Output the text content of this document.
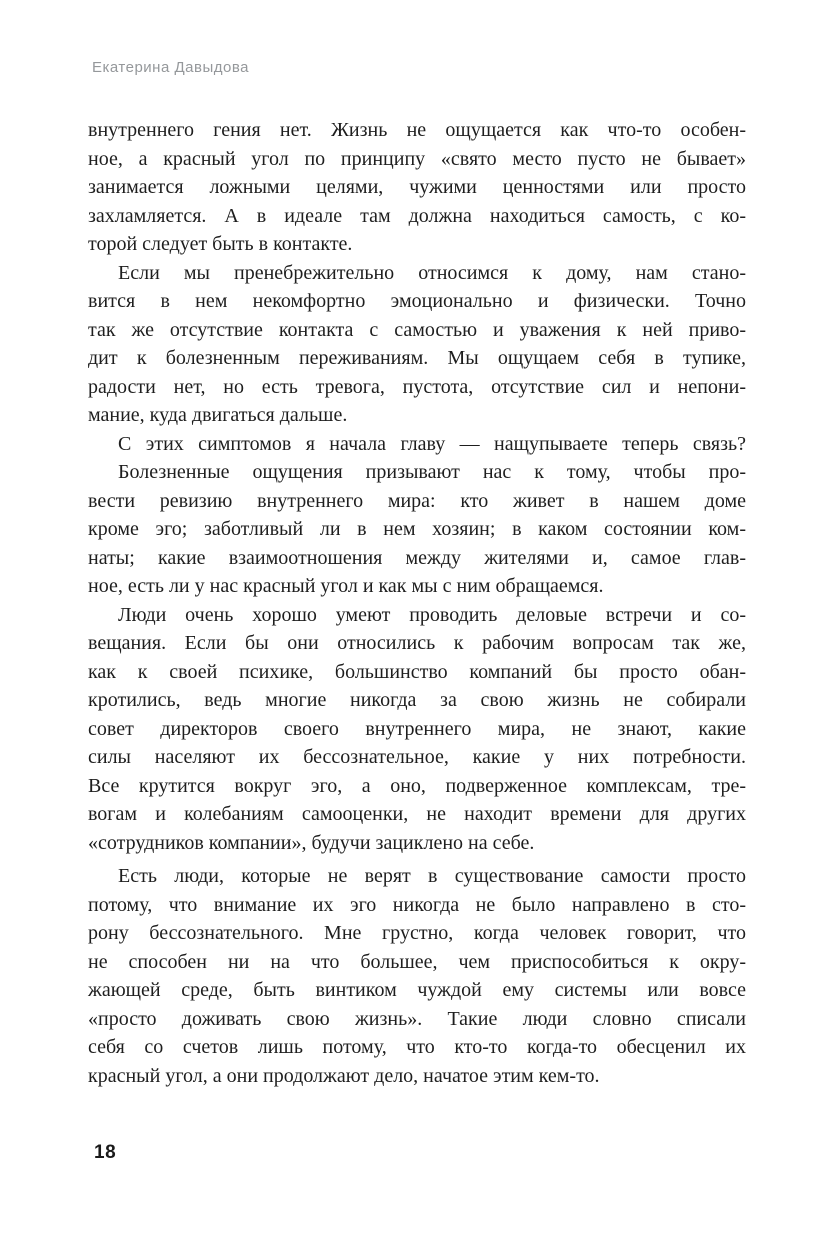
Екатерина Давыдова
внутреннего гения нет. Жизнь не ощущается как что-то особен-
ное, а красный угол по принципу «свято место пусто не бывает»
занимается ложными целями, чужими ценностями или просто
захламляется. А в идеале там должна находиться самость, с ко-
торой следует быть в контакте.
Если мы пренебрежительно относимся к дому, нам стано-
вится в нем некомфортно эмоционально и физически. Точно
так же отсутствие контакта с самостью и уважения к ней приво-
дит к болезненным переживаниям. Мы ощущаем себя в тупике,
радости нет, но есть тревога, пустота, отсутствие сил и непони-
мание, куда двигаться дальше.
С этих симптомов я начала главу — нащупываете теперь связь?
Болезненные ощущения призывают нас к тому, чтобы про-
вести ревизию внутреннего мира: кто живет в нашем доме
кроме эго; заботливый ли в нем хозяин; в каком состоянии ком-
наты; какие взаимоотношения между жителями и, самое глав-
ное, есть ли у нас красный угол и как мы с ним обращаемся.
Люди очень хорошо умеют проводить деловые встречи и со-
вещания. Если бы они относились к рабочим вопросам так же,
как к своей психике, большинство компаний бы просто обан-
кротились, ведь многие никогда за свою жизнь не собирали
совет директоров своего внутреннего мира, не знают, какие
силы населяют их бессознательное, какие у них потребности.
Все крутится вокруг эго, а оно, подверженное комплексам, тре-
вогам и колебаниям самооценки, не находит времени для других
«сотрудников компании», будучи зациклено на себе.
Есть люди, которые не верят в существование самости просто
потому, что внимание их эго никогда не было направлено в сто-
рону бессознательного. Мне грустно, когда человек говорит, что
не способен ни на что большее, чем приспособиться к окру-
жающей среде, быть винтиком чуждой ему системы или вовсе
«просто доживать свою жизнь». Такие люди словно списали
себя со счетов лишь потому, что кто-то когда-то обесценил их
красный угол, а они продолжают дело, начатое этим кем-то.
18
